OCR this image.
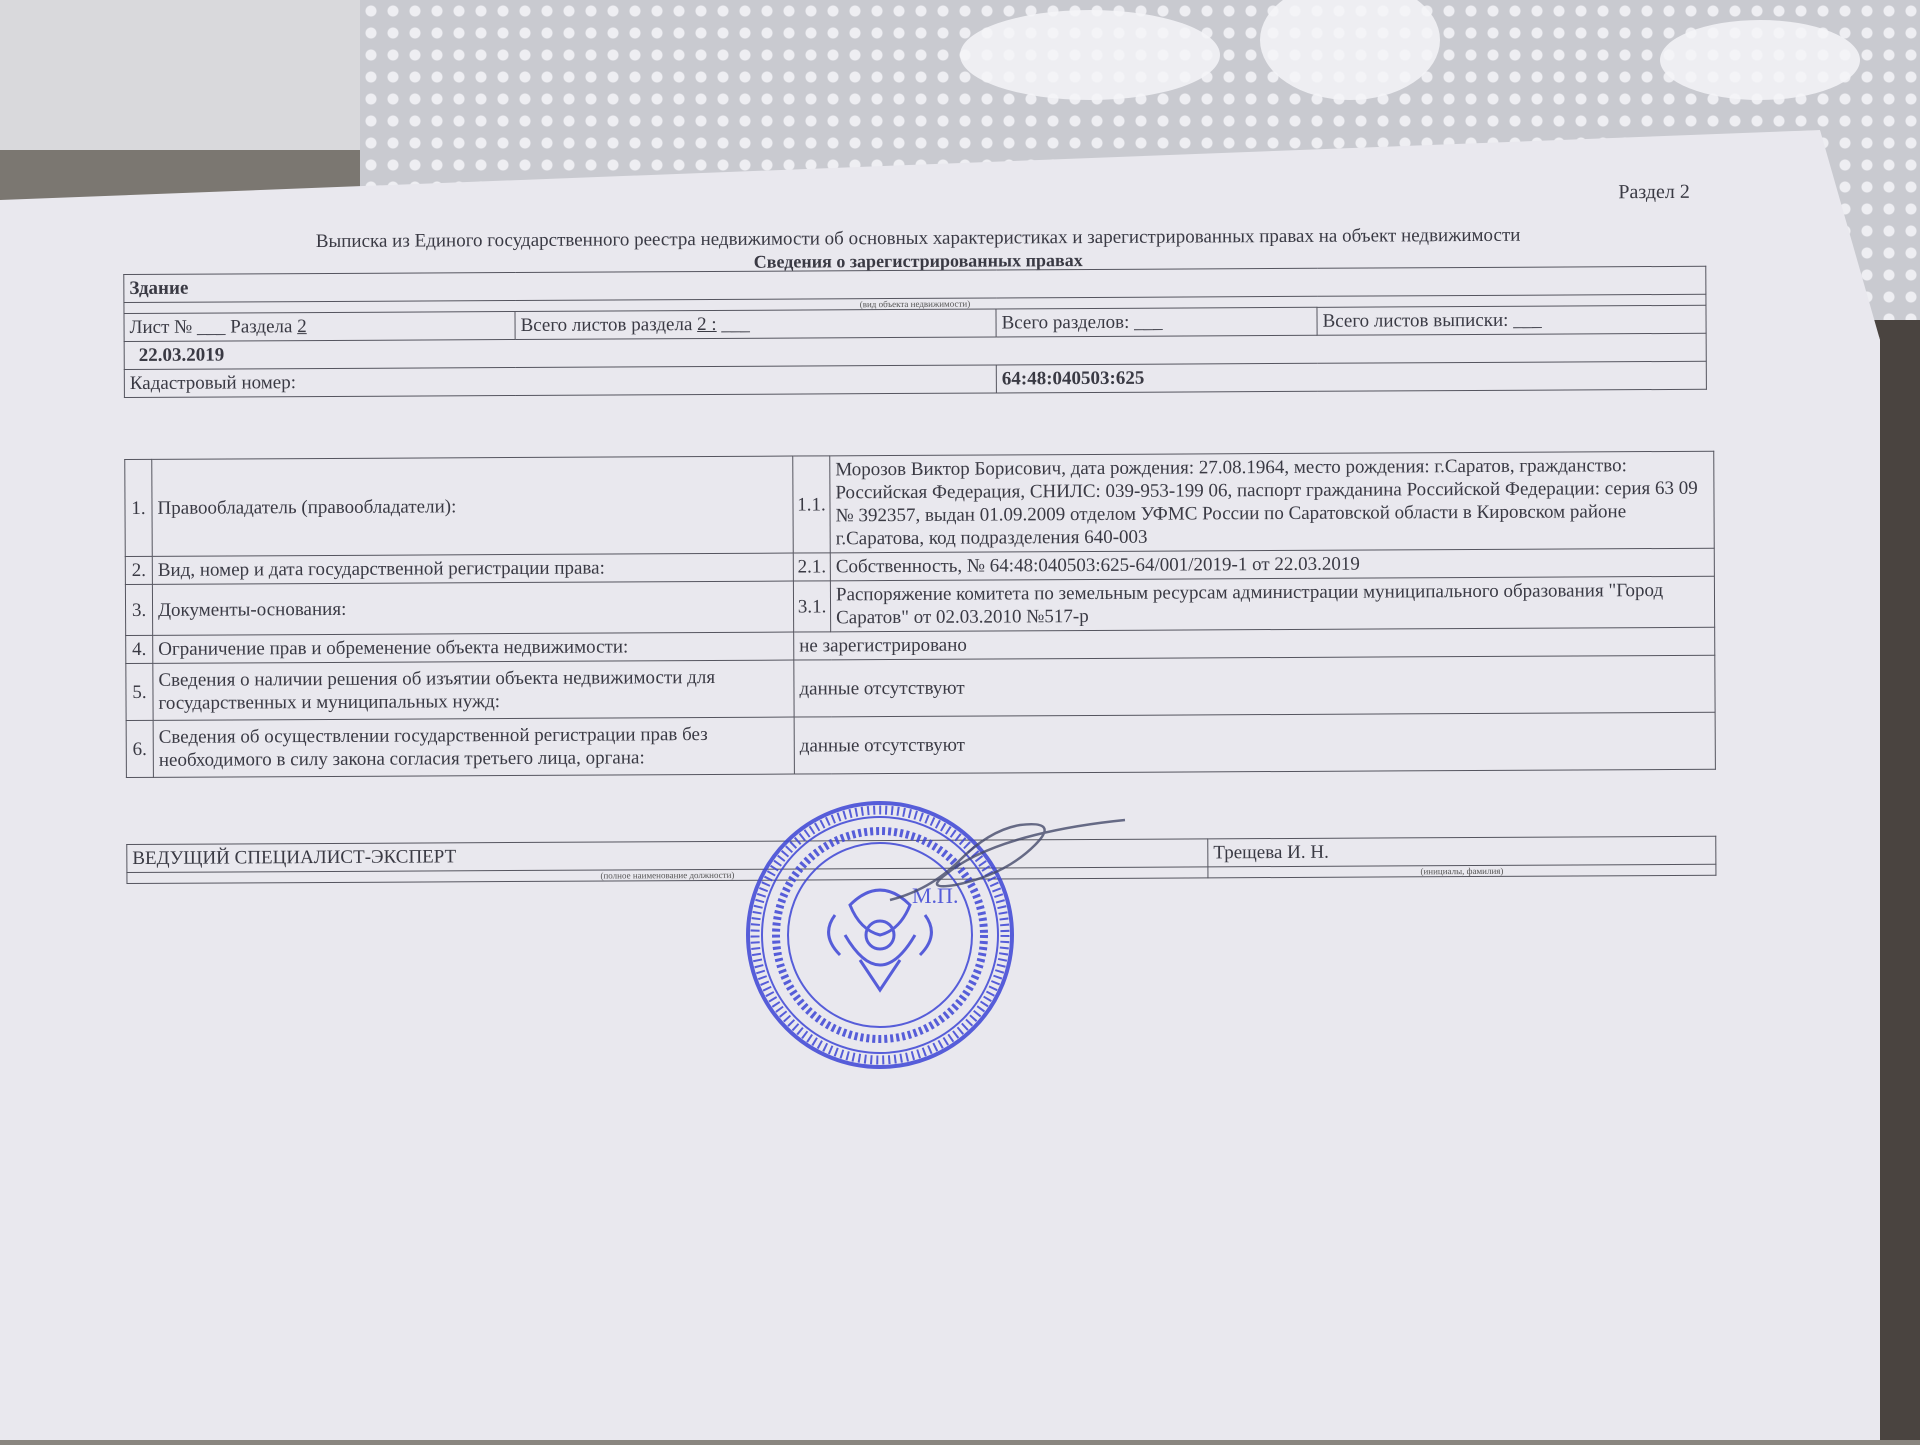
Раздел 2
Выписка из Единого государственного реестра недвижимости об основных характеристиках и зарегистрированных правах на объект недвижимости
Сведения о зарегистрированных правах
Здание			
(вид объекта недвижимости)			
Лист № ___ Раздела 2	Всего листов раздела 2 : ___	Всего разделов: ___	Всего листов выписки: ___
22.03.2019			
Кадастровый номер:		64:48:040503:625	
1.	Правообладатель (правообладатели):	1.1.	Морозов Виктор Борисович, дата рождения: 27.08.1964, место рождения: г.Саратов, гражданство: Российская Федерация, СНИЛС: 039-953-199 06, паспорт гражданина Российской Федерации: серия 63 09 № 392357, выдан 01.09.2009 отделом УФМС России по Саратовской области в Кировском районе г.Саратова, код подразделения 640-003
2.	Вид, номер и дата государственной регистрации права:	2.1.	Собственность, № 64:48:040503:625-64/001/2019-1 от 22.03.2019
3.	Документы-основания:	3.1.	Распоряжение комитета по земельным ресурсам администрации муниципального образования "Город Саратов" от 02.03.2010 №517-р
4.	Ограничение прав и обременение объекта недвижимости:	не зарегистрировано	
5.	Сведения о наличии решения об изъятии объекта недвижимости для государственных и муниципальных нужд:	данные отсутствуют	
6.	Сведения об осуществлении государственной регистрации прав без необходимого в силу закона согласия третьего лица, органа:	данные отсутствуют	
ВЕДУЩИЙ СПЕЦИАЛИСТ-ЭКСПЕРТ	Трещева И. Н.
(полное наименование должности)	(инициалы, фамилия)
М.П.
